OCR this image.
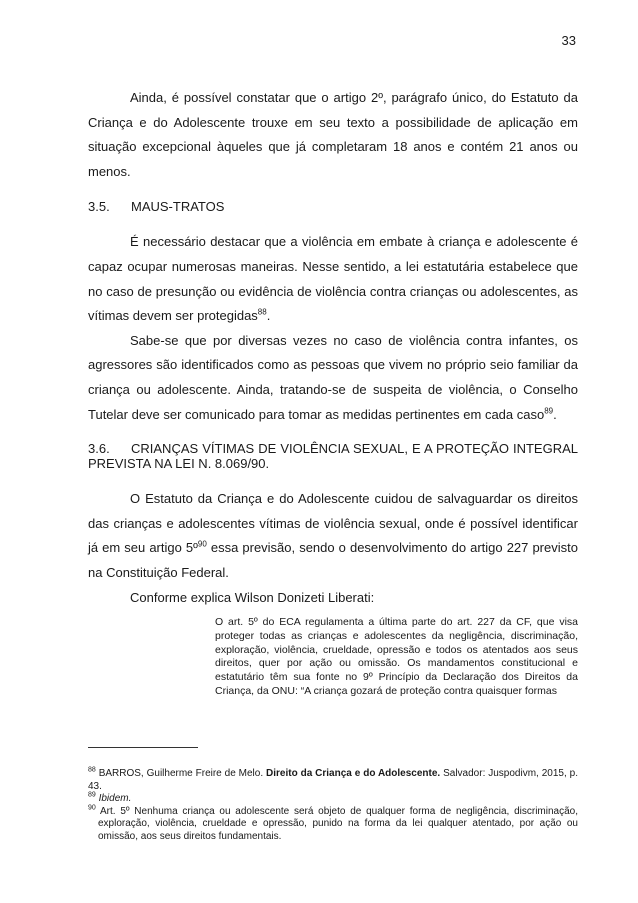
33

Ainda, é possível constatar que o artigo 2º, parágrafo único, do Estatuto da Criança e do Adolescente trouxe em seu texto a possibilidade de aplicação em situação excepcional àqueles que já completaram 18 anos e contém 21 anos ou menos.

3.5. MAUS-TRATOS

É necessário destacar que a violência em embate à criança e adolescente é capaz ocupar numerosas maneiras. Nesse sentido, a lei estatutária estabelece que no caso de presunção ou evidência de violência contra crianças ou adolescentes, as vítimas devem ser protegidas$^{88}$.

Sabe-se que por diversas vezes no caso de violência contra infantes, os agressores são identificados como as pessoas que vivem no próprio seio familiar da criança ou adolescente. Ainda, tratando-se de suspeita de violência, o Conselho Tutelar deve ser comunicado para tomar as medidas pertinentes em cada caso$^{89}$.

3.6. CRIANÇAS VÍTIMAS DE VIOLÊNCIA SEXUAL, E A PROTEÇÃO INTEGRAL PREVISTA NA LEI N. 8.069/90.

O Estatuto da Criança e do Adolescente cuidou de salvaguardar os direitos das crianças e adolescentes vítimas de violência sexual, onde é possível identificar já em seu artigo 5º$^{90}$ essa previsão, sendo o desenvolvimento do artigo 227 previsto na Constituição Federal.

Conforme explica Wilson Donizeti Liberati:

O art. 5º do ECA regulamenta a última parte do art. 227 da CF, que visa proteger todas as crianças e adolescentes da negligência, discriminação, exploração, violência, crueldade, opressão e todos os atentados aos seus direitos, quer por ação ou omissão. Os mandamentos constitucional e estatutário têm sua fonte no 9º Princípio da Declaração dos Direitos da Criança, da ONU: “A criança gozará de proteção contra quaisquer formas

$^{88}$ BARROS, Guilherme Freire de Melo. Direito da Criança e do Adolescente. Salvador: Juspodivm, 2015, p. 43.

$^{89}$ Ibidem.

$^{90}$ Art. 5º Nenhuma criança ou adolescente será objeto de qualquer forma de negligência, discriminação, exploração, violência, crueldade e opressão, punido na forma da lei qualquer atentado, por ação ou omissão, aos seus direitos fundamentais.
